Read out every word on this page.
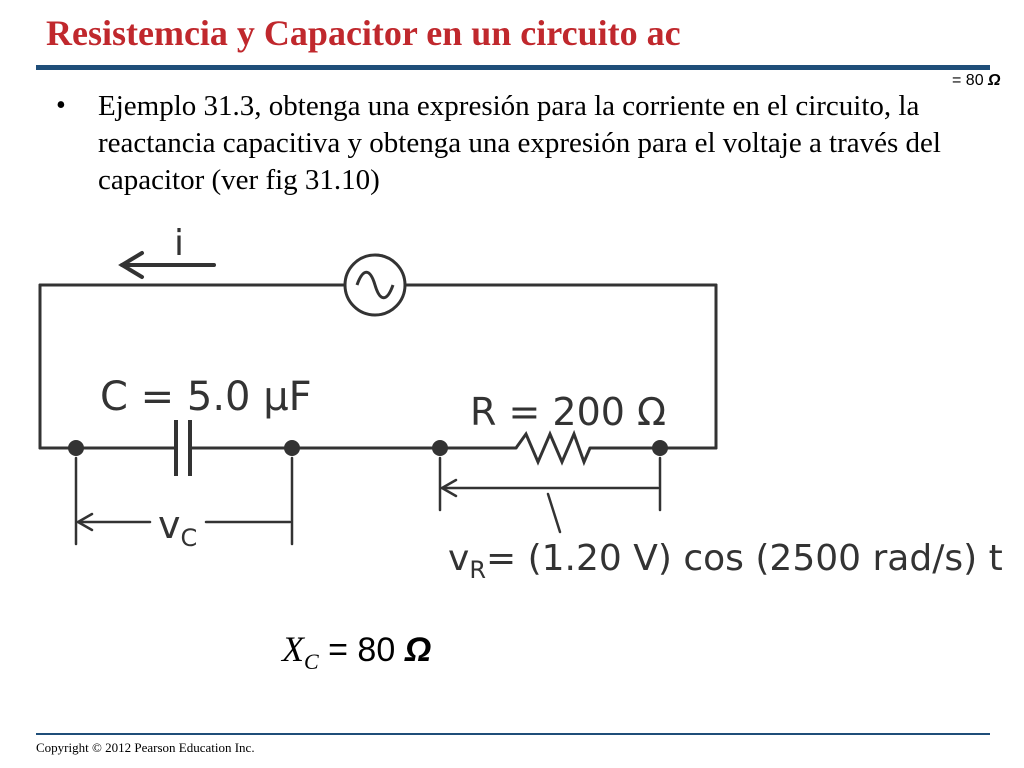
Resistemcia y Capacitor en un circuito ac
= 80 Ω
• Ejemplo 31.3, obtenga una expresión para la corriente en el circuito, la reactancia capacitiva y obtenga una expresión para el voltaje a través del capacitor (ver fig 31.10)
i
C = 5.0 μF	R = 200 Ω
$v_C$	$v_R= (1.20$ V) cos (2500 rad/s) t
$X_C = 80$ Ω
Copyright © 2012 Pearson Education Inc.
